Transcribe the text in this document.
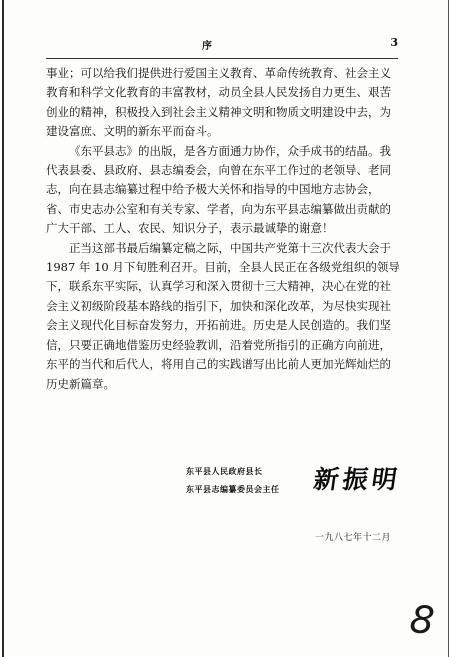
序	3

事业；可以给我们提供进行爱国主义教育、革命传统教育、社会主义教育和科学文化教育的丰富教材，动员全县人民发扬自力更生、艰苦创业的精神，积极投入到社会主义精神文明和物质文明建设中去，为建设富庶、文明的新东平而奋斗。

《东平县志》的出版，是各方面通力协作，众手成书的结晶。我代表县委、县政府、县志编委会，向曾在东平工作过的老领导、老同志，向在县志编纂过程中给予极大关怀和指导的中国地方志协会，省、市史志办公室和有关专家、学者，向为东平县志编纂做出贡献的广大干部、工人、农民、知识分子，表示最诚挚的谢意！

正当这部书最后编纂定稿之际，中国共产党第十三次代表大会于 1987 年 10 月下旬胜利召开。目前，全县人民正在各级党组织的领导下，联系东平实际，认真学习和深入贯彻十三大精神，决心在党的社会主义初级阶段基本路线的指引下，加快和深化改革，为尽快实现社会主义现代化目标奋发努力，开拓前进。历史是人民创造的。我们坚信，只要正确地借鉴历史经验教训，沿着党所指引的正确方向前进，东平的当代和后代人，将用自己的实践谱写出比前人更加光辉灿烂的历史新篇章。

东平县人民政府县长
东平县志编纂委员会主任 新振明
一九八七年十二月
8
